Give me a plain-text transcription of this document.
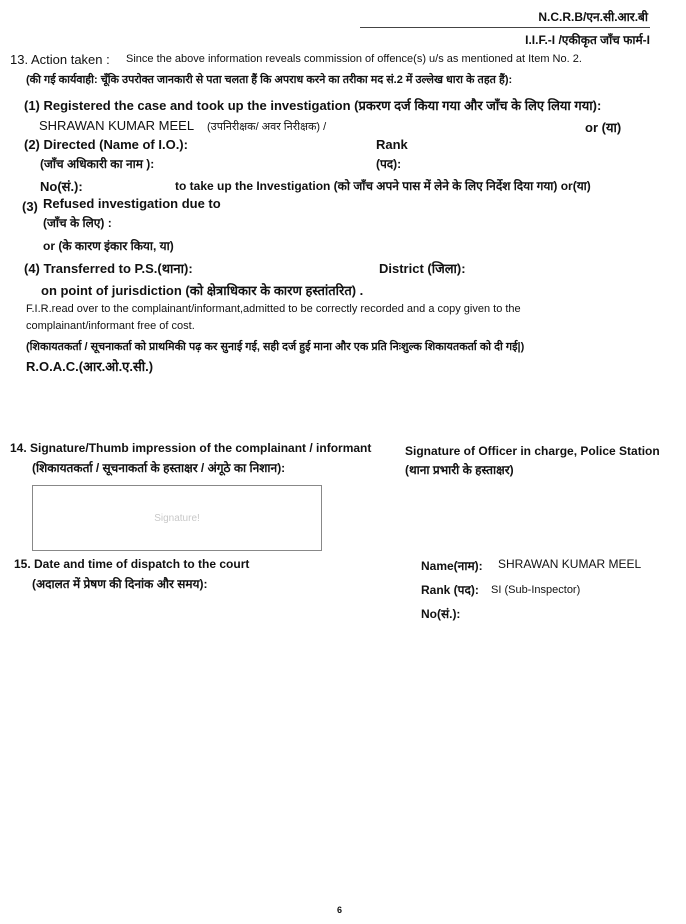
N.C.R.B/एन.सी.आर.बी
I.I.F.-I /एकीकृत जाँच फार्म-I
13. Action taken : Since the above information reveals commission of offence(s) u/s as mentioned at Item No. 2.
(की गई कार्यवाही: चूँकि उपरोक्त जानकारी से पता चलता हैं कि अपराध करने का तरीका मद सं.2 में उल्लेख धारा के तहत हैं):
(1) Registered the case and took up the investigation (प्रकरण दर्ज किया गया और जाँच के लिए लिया गया):
SHRAWAN KUMAR MEEL (उपनिरीक्षक/ अवर निरीक्षक) /	or (या)
(2) Directed (Name of I.O.):
(जाँच अधिकारी का नाम ):
Rank
(पद):
No(सं.):	to take up the Investigation (को जाँच अपने पास में लेने के लिए निर्देश दिया गया) or(या)
(3) Refused investigation due to
(जाँच के लिए) :
or (के कारण इंकार किया, या)
(4) Transferred to P.S.(थाना):	District (जिला):
on point of jurisdiction (को क्षेत्राधिकार के कारण हस्तांतरित) .
F.I.R.read over to the complainant/informant,admitted to be correctly recorded and a copy given to the
complainant/informant free of cost.
(शिकायतकर्ता / सूचनाकर्ता को प्राथमिकी पढ़ कर सुनाई गई, सही दर्ज हुई माना और एक प्रति निःशुल्क शिकायतकर्ता को दी गई|)
R.O.A.C.(आर.ओ.ए.सी.)
14. Signature/Thumb impression of the complainant / informant
(शिकायतकर्ता / सूचनाकर्ता के हस्ताक्षर / अंगूठे का निशान):
Signature of Officer in charge, Police Station
(थाना प्रभारी के हस्ताक्षर)
Signature!
15. Date and time of dispatch to the court
(अदालत में प्रेषण की दिनांक और समय):
Name(नाम): SHRAWAN KUMAR MEEL
Rank (पद): SI (Sub-Inspector)
No(सं.):
6
